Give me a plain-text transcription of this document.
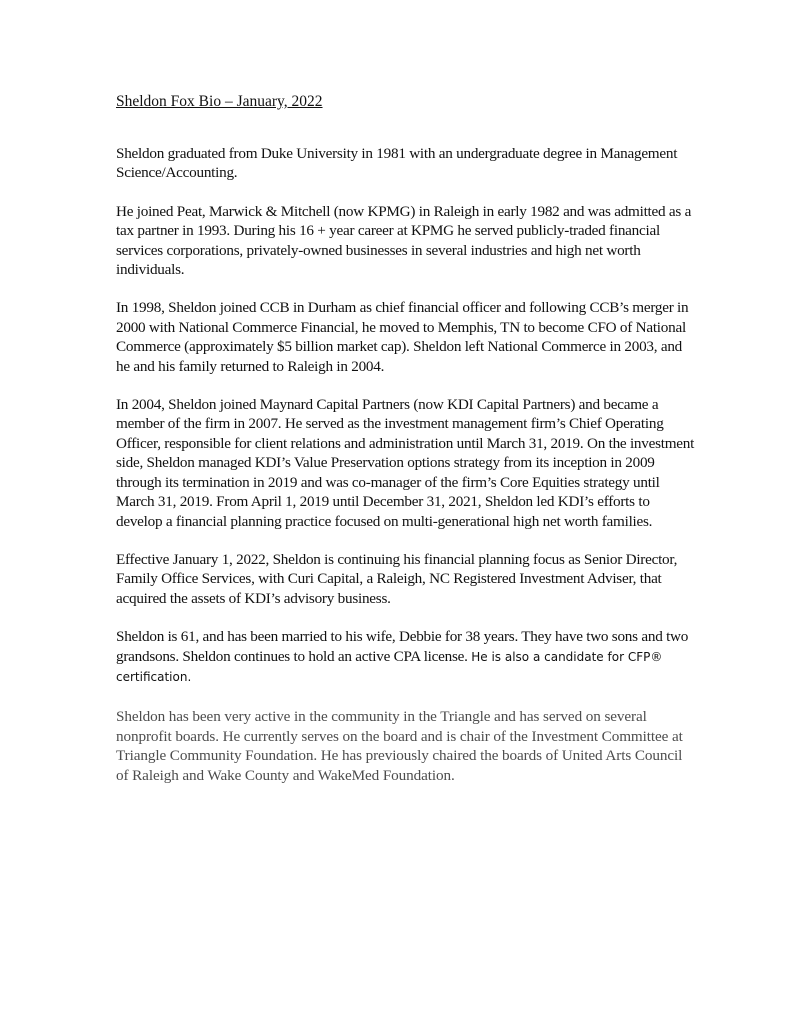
Sheldon Fox Bio – January, 2022

Sheldon graduated from Duke University in 1981 with an undergraduate degree in Management Science/Accounting.

He joined Peat, Marwick & Mitchell (now KPMG) in Raleigh in early 1982 and was admitted as a tax partner in 1993. During his 16 + year career at KPMG he served publicly-traded financial services corporations, privately-owned businesses in several industries and high net worth individuals.

In 1998, Sheldon joined CCB in Durham as chief financial officer and following CCB’s merger in 2000 with National Commerce Financial, he moved to Memphis, TN to become CFO of National Commerce (approximately $5 billion market cap). Sheldon left National Commerce in 2003, and he and his family returned to Raleigh in 2004.

In 2004, Sheldon joined Maynard Capital Partners (now KDI Capital Partners) and became a member of the firm in 2007. He served as the investment management firm’s Chief Operating Officer, responsible for client relations and administration until March 31, 2019. On the investment side, Sheldon managed KDI’s Value Preservation options strategy from its inception in 2009 through its termination in 2019 and was co-manager of the firm’s Core Equities strategy until March 31, 2019. From April 1, 2019 until December 31, 2021, Sheldon led KDI’s efforts to develop a financial planning practice focused on multi-generational high net worth families.

Effective January 1, 2022, Sheldon is continuing his financial planning focus as Senior Director, Family Office Services, with Curi Capital, a Raleigh, NC Registered Investment Adviser, that acquired the assets of KDI’s advisory business.

Sheldon is 61, and has been married to his wife, Debbie for 38 years. They have two sons and two grandsons. Sheldon continues to hold an active CPA license. He is also a candidate for CFP® certification.

Sheldon has been very active in the community in the Triangle and has served on several nonprofit boards. He currently serves on the board and is chair of the Investment Committee at Triangle Community Foundation. He has previously chaired the boards of United Arts Council of Raleigh and Wake County and WakeMed Foundation.
